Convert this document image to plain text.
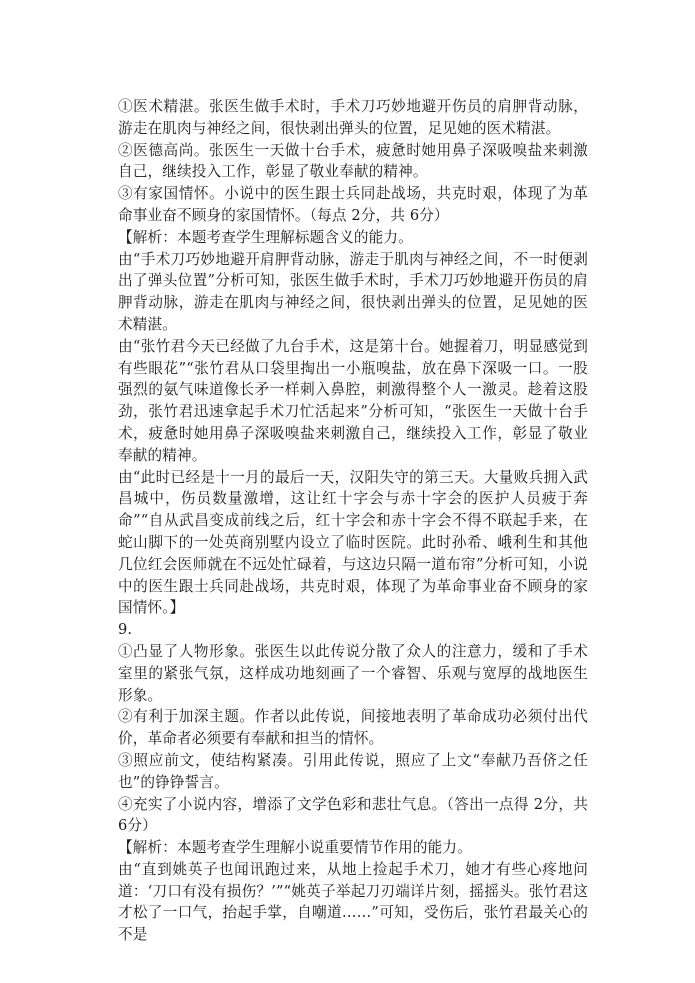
①医术精湛。张医生做手术时，手术刀巧妙地避开伤员的肩胛背动脉，游走在肌肉与神经之间，很快剥出弹头的位置，足见她的医术精湛。

②医德高尚。张医生一天做十台手术，疲惫时她用鼻子深吸嗅盐来刺激自己，继续投入工作，彰显了敬业奉献的精神。

③有家国情怀。小说中的医生跟士兵同赴战场，共克时艰，体现了为革命事业奋不顾身的家国情怀。（每点 2分，共 6分）

【解析：本题考查学生理解标题含义的能力。

由“手术刀巧妙地避开肩胛背动脉，游走于肌肉与神经之间，不一时便剥出了弹头位置”分析可知，张医生做手术时，手术刀巧妙地避开伤员的肩胛背动脉，游走在肌肉与神经之间，很快剥出弹头的位置，足见她的医术精湛。

由“张竹君今天已经做了九台手术，这是第十台。她握着刀，明显感觉到有些眼花”“张竹君从口袋里掏出一小瓶嗅盐，放在鼻下深吸一口。一股强烈的氨气味道像长矛一样刺入鼻腔，刺激得整个人一激灵。趁着这股劲，张竹君迅速拿起手术刀忙活起来”分析可知，“张医生一天做十台手术，疲惫时她用鼻子深吸嗅盐来刺激自己，继续投入工作，彰显了敬业奉献的精神。

由“此时已经是十一月的最后一天，汉阳失守的第三天。大量败兵拥入武昌城中，伤员数量激增，这让红十字会与赤十字会的医护人员疲于奔命”“自从武昌变成前线之后，红十字会和赤十字会不得不联起手来，在蛇山脚下的一处英商别墅内设立了临时医院。此时孙希、峨利生和其他几位红会医师就在不远处忙碌着，与这边只隔一道布帘”分析可知，小说中的医生跟士兵同赴战场，共克时艰，体现了为革命事业奋不顾身的家国情怀。】

9.

①凸显了人物形象。张医生以此传说分散了众人的注意力，缓和了手术室里的紧张气氛，这样成功地刻画了一个睿智、乐观与宽厚的战地医生形象。

②有利于加深主题。作者以此传说，间接地表明了革命成功必须付出代价，革命者必须要有奉献和担当的情怀。

③照应前文，使结构紧凑。引用此传说，照应了上文“奉献乃吾侪之任也”的铮铮誓言。

④充实了小说内容，增添了文学色彩和悲壮气息。（答出一点得 2分，共 6分）

【解析：本题考查学生理解小说重要情节作用的能力。

由“直到姚英子也闻讯跑过来，从地上捡起手术刀，她才有些心疼地问道：‘刀口有没有损伤？’”“姚英子举起刀刃端详片刻，摇摇头。张竹君这才松了一口气，抬起手掌，自嘲道……”可知，受伤后，张竹君最关心的不是
